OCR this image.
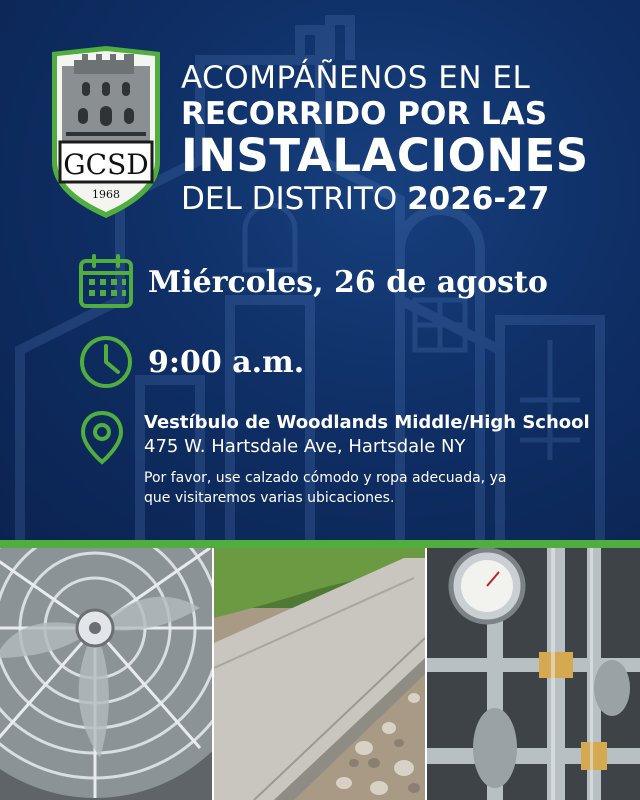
GCSD
1968
ACOMPÁÑENOS EN EL
RECORRIDO POR LAS
INSTALACIONES
DEL DISTRITO 2026-27
Miércoles, 26 de agosto
9:00 a.m.
Vestíbulo de Woodlands Middle/High School
475 W. Hartsdale Ave, Hartsdale NY
Por favor, use calzado cómodo y ropa adecuada, ya que visitaremos varias ubicaciones.
